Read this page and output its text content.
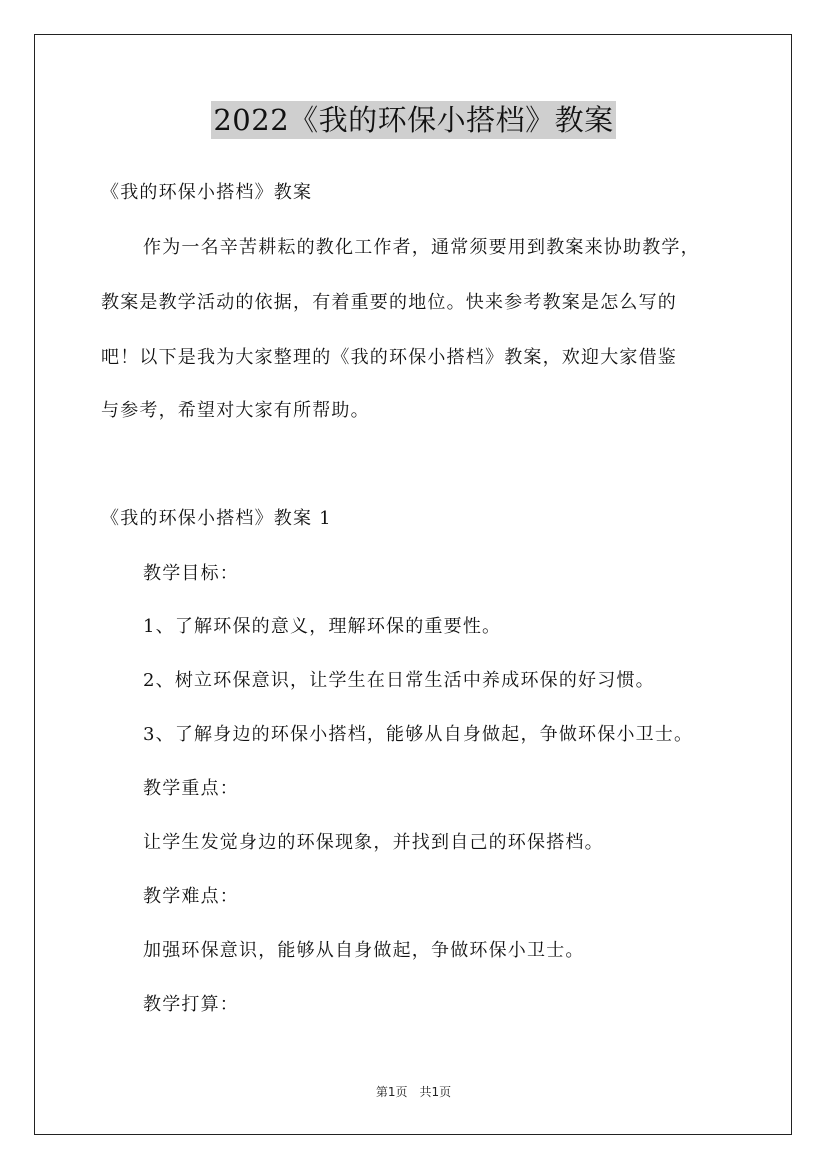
2022《我的环保小搭档》教案
《我的环保小搭档》教案
作为一名辛苦耕耘的教化工作者，通常须要用到教案来协助教学，
教案是教学活动的依据，有着重要的地位。快来参考教案是怎么写的
吧！以下是我为大家整理的《我的环保小搭档》教案，欢迎大家借鉴
与参考，希望对大家有所帮助。
《我的环保小搭档》教案 1
教学目标：
1、了解环保的意义，理解环保的重要性。
2、树立环保意识，让学生在日常生活中养成环保的好习惯。
3、了解身边的环保小搭档，能够从自身做起，争做环保小卫士。
教学重点：
让学生发觉身边的环保现象，并找到自己的环保搭档。
教学难点：
加强环保意识，能够从自身做起，争做环保小卫士。
教学打算：
第1页　共1页
